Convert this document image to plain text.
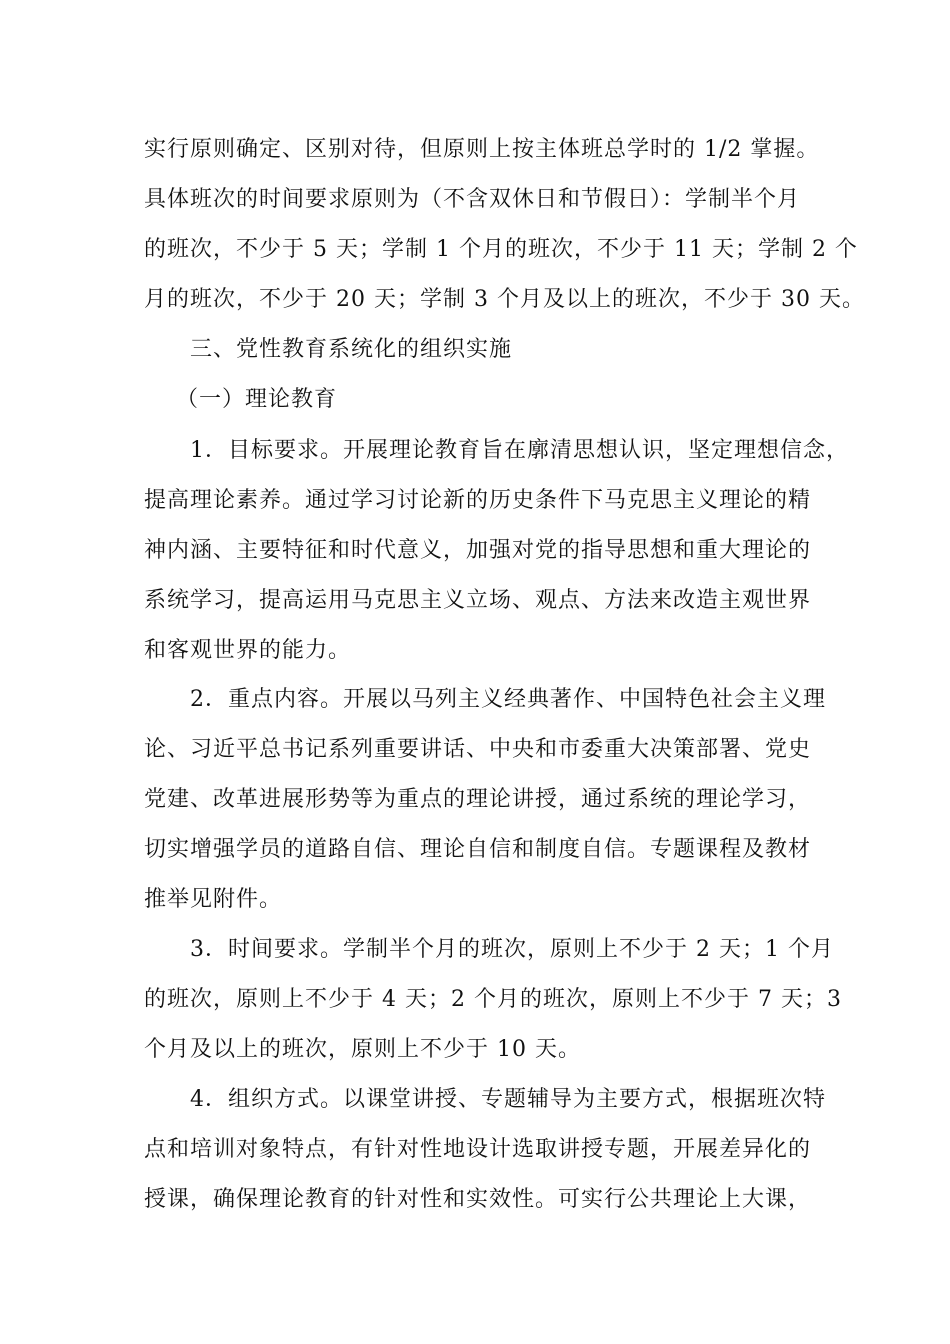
实行原则确定、区别对待，但原则上按主体班总学时的 1/2 掌握。
具体班次的时间要求原则为（不含双休日和节假日）：学制半个月
的班次，不少于 5 天；学制 1 个月的班次，不少于 11 天；学制 2 个
月的班次，不少于 20 天；学制 3 个月及以上的班次，不少于 30 天。
三、党性教育系统化的组织实施
（一）理论教育
1．目标要求。开展理论教育旨在廓清思想认识，坚定理想信念，
提高理论素养。通过学习讨论新的历史条件下马克思主义理论的精
神内涵、主要特征和时代意义，加强对党的指导思想和重大理论的
系统学习，提高运用马克思主义立场、观点、方法来改造主观世界
和客观世界的能力。
2．重点内容。开展以马列主义经典著作、中国特色社会主义理
论、习近平总书记系列重要讲话、中央和市委重大决策部署、党史
党建、改革进展形势等为重点的理论讲授，通过系统的理论学习，
切实增强学员的道路自信、理论自信和制度自信。专题课程及教材
推举见附件。
3．时间要求。学制半个月的班次，原则上不少于 2 天；1 个月
的班次，原则上不少于 4 天；2 个月的班次，原则上不少于 7 天；3
个月及以上的班次，原则上不少于 10 天。
4．组织方式。以课堂讲授、专题辅导为主要方式，根据班次特
点和培训对象特点，有针对性地设计选取讲授专题，开展差异化的
授课，确保理论教育的针对性和实效性。可实行公共理论上大课，
